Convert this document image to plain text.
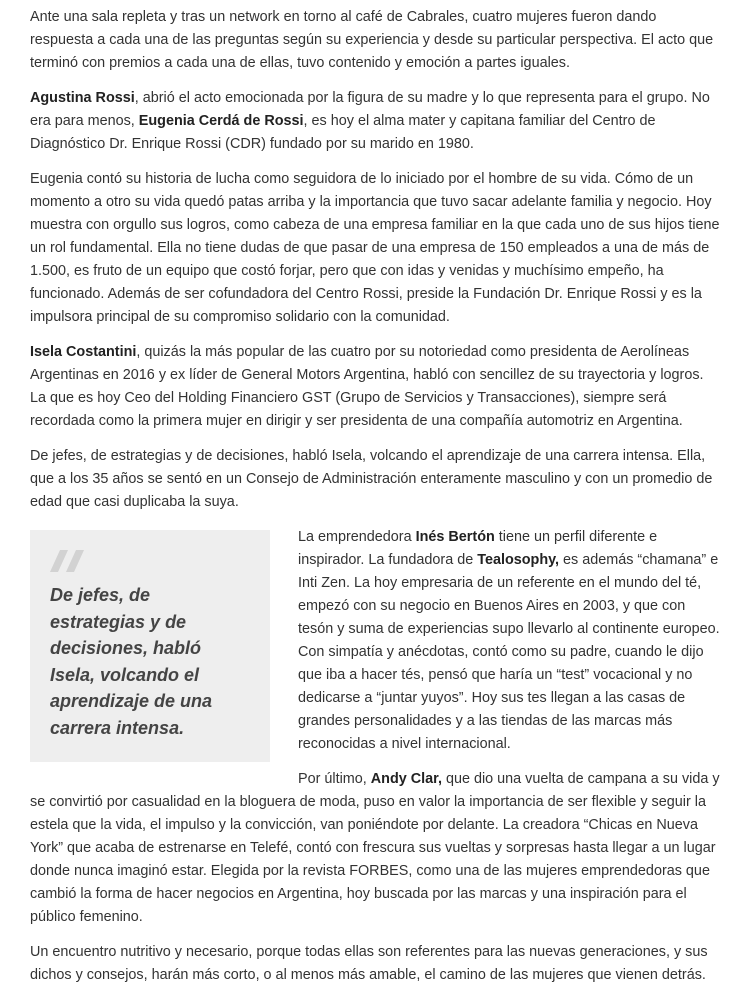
Ante una sala repleta y tras un network en torno al café de Cabrales, cuatro mujeres fueron dando respuesta a cada una de las preguntas según su experiencia y desde su particular perspectiva. El acto que terminó con premios a cada una de ellas, tuvo contenido y emoción a partes iguales.

Agustina Rossi, abrió el acto emocionada por la figura de su madre y lo que representa para el grupo. No era para menos, Eugenia Cerdá de Rossi, es hoy el alma mater y capitana familiar del Centro de Diagnóstico Dr. Enrique Rossi (CDR) fundado por su marido en 1980.

Eugenia contó su historia de lucha como seguidora de lo iniciado por el hombre de su vida. Cómo de un momento a otro su vida quedó patas arriba y la importancia que tuvo sacar adelante familia y negocio. Hoy muestra con orgullo sus logros, como cabeza de una empresa familiar en la que cada uno de sus hijos tiene un rol fundamental. Ella no tiene dudas de que pasar de una empresa de 150 empleados a una de más de 1.500, es fruto de un equipo que costó forjar, pero que con idas y venidas y muchísimo empeño, ha funcionado. Además de ser cofundadora del Centro Rossi, preside la Fundación Dr. Enrique Rossi y es la impulsora principal de su compromiso solidario con la comunidad.

Isela Costantini, quizás la más popular de las cuatro por su notoriedad como presidenta de Aerolíneas Argentinas en 2016 y ex líder de General Motors Argentina, habló con sencillez de su trayectoria y logros. La que es hoy Ceo del Holding Financiero GST (Grupo de Servicios y Transacciones), siempre será recordada como la primera mujer en dirigir y ser presidenta de una compañía automotriz en Argentina.

De jefes, de estrategias y de decisiones, habló Isela, volcando el aprendizaje de una carrera intensa. Ella, que a los 35 años se sentó en un Consejo de Administración enteramente masculino y con un promedio de edad que casi duplicaba la suya.

De jefes, de estrategias y de decisiones, habló Isela, volcando el aprendizaje de una carrera intensa.

La emprendedora Inés Bertón tiene un perfil diferente e inspirador. La fundadora de Tealosophy, es además “chamana” e Inti Zen. La hoy empresaria de un referente en el mundo del té, empezó con su negocio en Buenos Aires en 2003, y que con tesón y suma de experiencias supo llevarlo al continente europeo. Con simpatía y anécdotas, contó como su padre, cuando le dijo que iba a hacer tés, pensó que haría un “test” vocacional y no dedicarse a “juntar yuyos”. Hoy sus tes llegan a las casas de grandes personalidades y a las tiendas de las marcas más reconocidas a nivel internacional.

Por último, Andy Clar, que dio una vuelta de campana a su vida y se convirtió por casualidad en la bloguera de moda, puso en valor la importancia de ser flexible y seguir la estela que la vida, el impulso y la convicción, van poniéndote por delante. La creadora “Chicas en Nueva York” que acaba de estrenarse en Telefé, contó con frescura sus vueltas y sorpresas hasta llegar a un lugar donde nunca imaginó estar. Elegida por la revista FORBES, como una de las mujeres emprendedoras que cambió la forma de hacer negocios en Argentina, hoy buscada por las marcas y una inspiración para el público femenino.

Un encuentro nutritivo y necesario, porque todas ellas son referentes para las nuevas generaciones, y sus dichos y consejos, harán más corto, o al menos más amable, el camino de las mujeres que vienen detrás.
